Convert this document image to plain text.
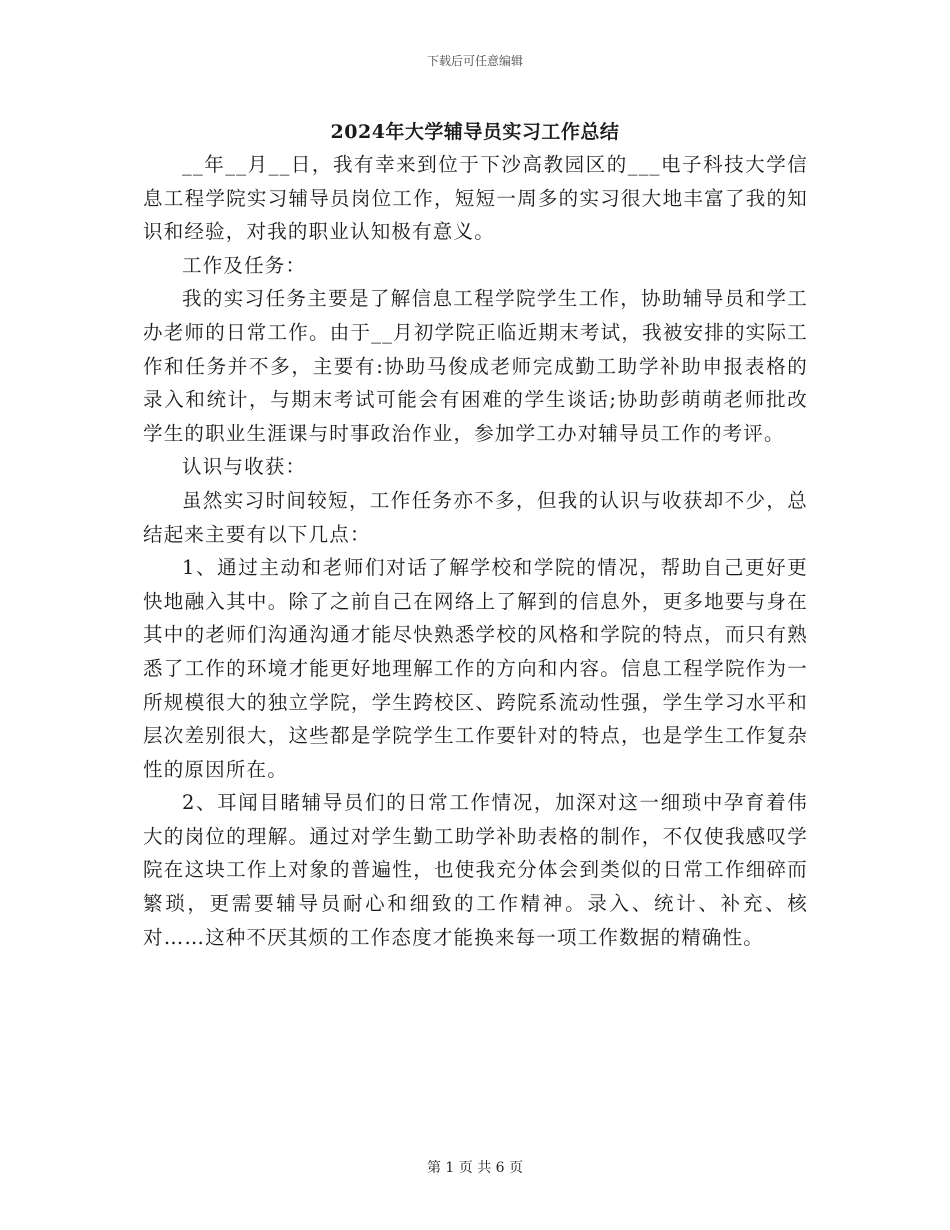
下载后可任意编辑
2024年大学辅导员实习工作总结

__年__月__日，我有幸来到位于下沙高教园区的___电子科技大学信息工程学院实习辅导员岗位工作，短短一周多的实习很大地丰富了我的知识和经验，对我的职业认知极有意义。

工作及任务：

我的实习任务主要是了解信息工程学院学生工作，协助辅导员和学工办老师的日常工作。由于__月初学院正临近期末考试，我被安排的实际工作和任务并不多，主要有:协助马俊成老师完成勤工助学补助申报表格的录入和统计，与期末考试可能会有困难的学生谈话;协助彭萌萌老师批改学生的职业生涯课与时事政治作业，参加学工办对辅导员工作的考评。

认识与收获：

虽然实习时间较短，工作任务亦不多，但我的认识与收获却不少，总结起来主要有以下几点：

1、通过主动和老师们对话了解学校和学院的情况，帮助自己更好更快地融入其中。除了之前自己在网络上了解到的信息外，更多地要与身在其中的老师们沟通沟通才能尽快熟悉学校的风格和学院的特点，而只有熟悉了工作的环境才能更好地理解工作的方向和内容。信息工程学院作为一所规模很大的独立学院，学生跨校区、跨院系流动性强，学生学习水平和层次差别很大，这些都是学院学生工作要针对的特点，也是学生工作复杂性的原因所在。

2、耳闻目睹辅导员们的日常工作情况，加深对这一细琐中孕育着伟大的岗位的理解。通过对学生勤工助学补助表格的制作，不仅使我感叹学院在这块工作上对象的普遍性，也使我充分体会到类似的日常工作细碎而繁琐，更需要辅导员耐心和细致的工作精神。录入、统计、补充、核对……这种不厌其烦的工作态度才能换来每一项工作数据的精确性。

第 1 页 共 6 页
